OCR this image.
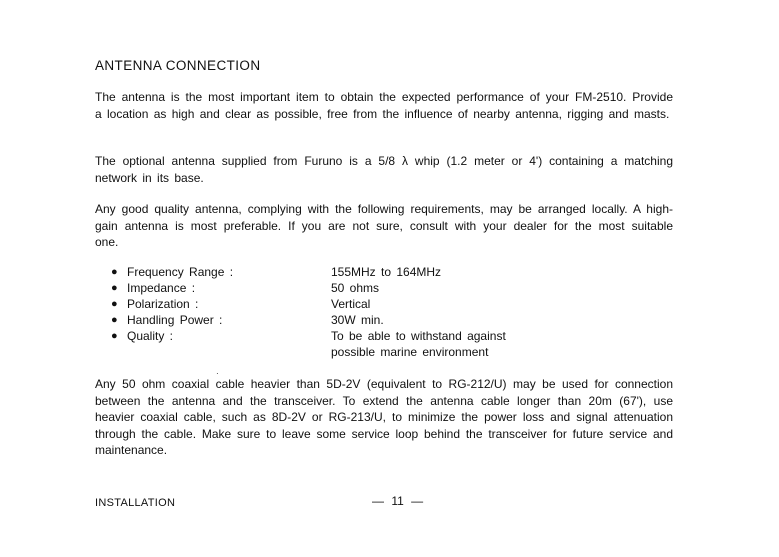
ANTENNA CONNECTION

The antenna is the most important item to obtain the expected performance of your FM-2510. Provide a location as high and clear as possible, free from the influence of nearby antenna, rigging and masts.

The optional antenna supplied from Furuno is a 5/8 λ whip (1.2 meter or 4') containing a matching network in its base.

Any good quality antenna, complying with the following requirements, may be arranged locally. A high-gain antenna is most preferable. If you are not sure, consult with your dealer for the most suitable one.

● Frequency Range :	155MHz to 164MHz
● Impedance :	50 ohms
● Polarization :	Vertical
● Handling Power :	30W min.
● Quality :	To be able to withstand against
possible marine environment
·

Any 50 ohm coaxial cable heavier than 5D-2V (equivalent to RG-212/U) may be used for connection between the antenna and the transceiver. To extend the antenna cable longer than 20m (67'), use heavier coaxial cable, such as 8D-2V or RG-213/U, to minimize the power loss and signal attenuation through the cable. Make sure to leave some service loop behind the transceiver for future service and maintenance.

INSTALLATION	— 11 —
